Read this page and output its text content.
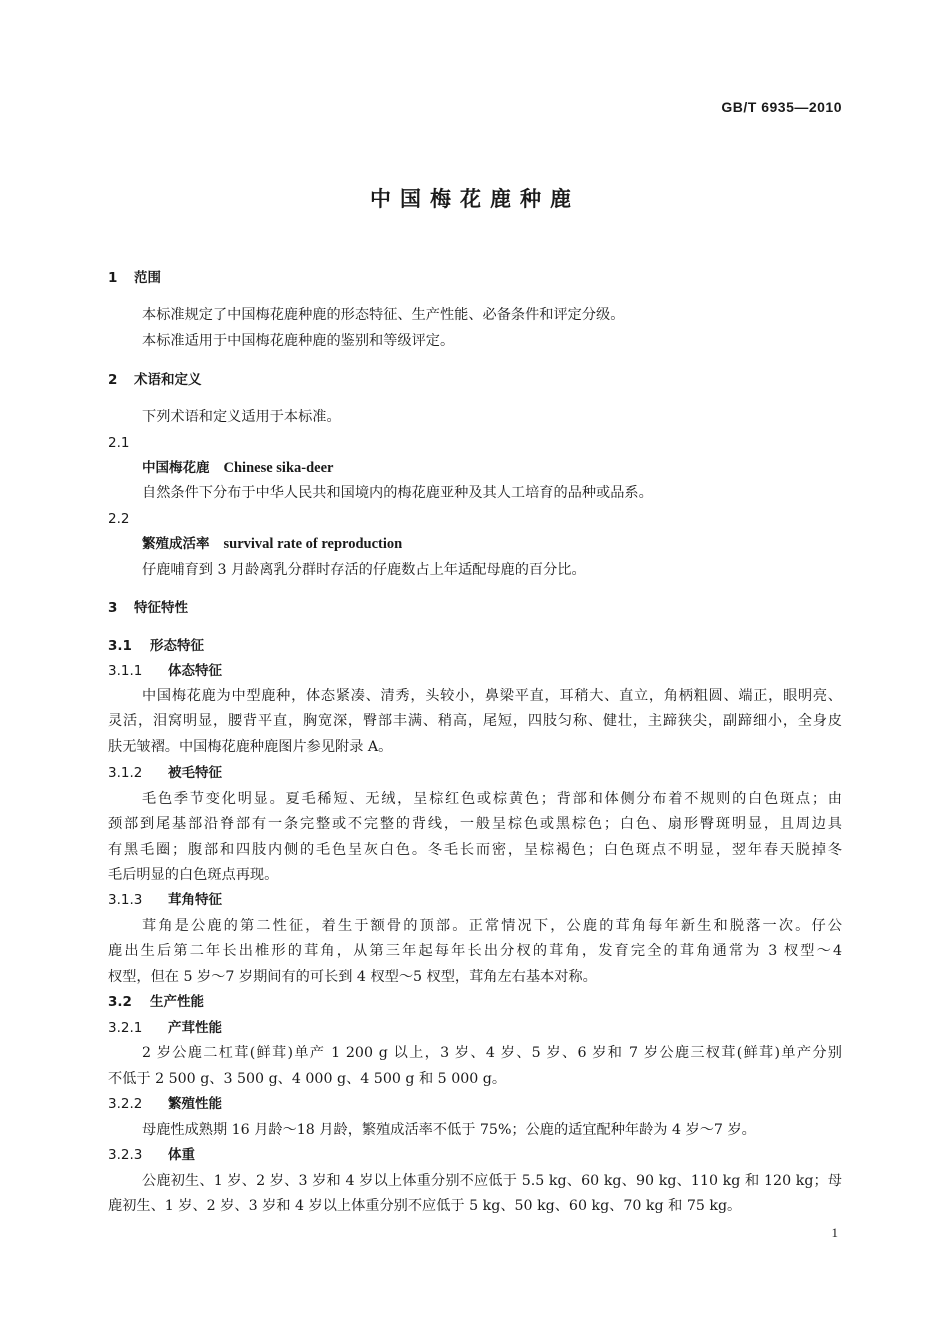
GB/T 6935—2010
中国梅花鹿种鹿
1 范围
本标准规定了中国梅花鹿种鹿的形态特征、生产性能、必备条件和评定分级。
本标准适用于中国梅花鹿种鹿的鉴别和等级评定。
2 术语和定义
下列术语和定义适用于本标准。
2.1
中国梅花鹿 Chinese sika-deer
自然条件下分布于中华人民共和国境内的梅花鹿亚种及其人工培育的品种或品系。
2.2
繁殖成活率 survival rate of reproduction
仔鹿哺育到 3 月龄离乳分群时存活的仔鹿数占上年适配母鹿的百分比。
3 特征特性
3.1 形态特征
3.1.1 体态特征
中国梅花鹿为中型鹿种，体态紧凑、清秀，头较小，鼻梁平直，耳稍大、直立，角柄粗圆、端正，眼明亮、
灵活，泪窝明显，腰背平直，胸宽深，臀部丰满、稍高，尾短，四肢匀称、健壮，主蹄狭尖，副蹄细小，全身皮
肤无皱褶。中国梅花鹿种鹿图片参见附录 A。
3.1.2 被毛特征
毛色季节变化明显。夏毛稀短、无绒，呈棕红色或棕黄色；背部和体侧分布着不规则的白色斑点；由
颈部到尾基部沿脊部有一条完整或不完整的背线，一般呈棕色或黑棕色；白色、扇形臀斑明显，且周边具
有黑毛圈；腹部和四肢内侧的毛色呈灰白色。冬毛长而密，呈棕褐色；白色斑点不明显，翌年春天脱掉冬
毛后明显的白色斑点再现。
3.1.3 茸角特征
茸角是公鹿的第二性征，着生于额骨的顶部。正常情况下，公鹿的茸角每年新生和脱落一次。仔公
鹿出生后第二年长出椎形的茸角，从第三年起每年长出分杈的茸角，发育完全的茸角通常为 3 杈型～4
杈型，但在 5 岁～7 岁期间有的可长到 4 杈型～5 杈型，茸角左右基本对称。
3.2 生产性能
3.2.1 产茸性能
2 岁公鹿二杠茸(鲜茸)单产 1 200 g 以上，3 岁、4 岁、5 岁、6 岁和 7 岁公鹿三杈茸(鲜茸)单产分别
不低于 2 500 g、3 500 g、4 000 g、4 500 g 和 5 000 g。
3.2.2 繁殖性能
母鹿性成熟期 16 月龄～18 月龄，繁殖成活率不低于 75%；公鹿的适宜配种年龄为 4 岁～7 岁。
3.2.3 体重
公鹿初生、1 岁、2 岁、3 岁和 4 岁以上体重分别不应低于 5.5 kg、60 kg、90 kg、110 kg 和 120 kg；母
鹿初生、1 岁、2 岁、3 岁和 4 岁以上体重分别不应低于 5 kg、50 kg、60 kg、70 kg 和 75 kg。
1
